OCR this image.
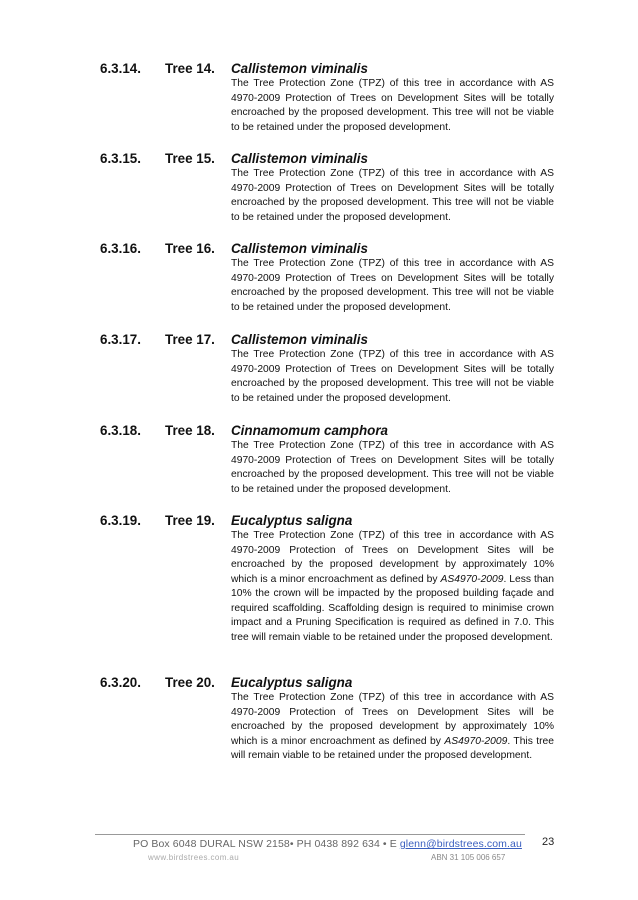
6.3.14. Tree 14. Callistemon viminalis
The Tree Protection Zone (TPZ) of this tree in accordance with AS 4970-2009 Protection of Trees on Development Sites will be totally encroached by the proposed development. This tree will not be viable to be retained under the proposed development.
6.3.15. Tree 15. Callistemon viminalis
The Tree Protection Zone (TPZ) of this tree in accordance with AS 4970-2009 Protection of Trees on Development Sites will be totally encroached by the proposed development. This tree will not be viable to be retained under the proposed development.
6.3.16. Tree 16. Callistemon viminalis
The Tree Protection Zone (TPZ) of this tree in accordance with AS 4970-2009 Protection of Trees on Development Sites will be totally encroached by the proposed development. This tree will not be viable to be retained under the proposed development.
6.3.17. Tree 17. Callistemon viminalis
The Tree Protection Zone (TPZ) of this tree in accordance with AS 4970-2009 Protection of Trees on Development Sites will be totally encroached by the proposed development. This tree will not be viable to be retained under the proposed development.
6.3.18. Tree 18. Cinnamomum camphora
The Tree Protection Zone (TPZ) of this tree in accordance with AS 4970-2009 Protection of Trees on Development Sites will be totally encroached by the proposed development. This tree will not be viable to be retained under the proposed development.
6.3.19. Tree 19. Eucalyptus saligna
The Tree Protection Zone (TPZ) of this tree in accordance with AS 4970-2009 Protection of Trees on Development Sites will be encroached by the proposed development by approximately 10% which is a minor encroachment as defined by AS4970-2009. Less than 10% the crown will be impacted by the proposed building façade and required scaffolding. Scaffolding design is required to minimise crown impact and a Pruning Specification is required as defined in 7.0. This tree will remain viable to be retained under the proposed development.
6.3.20. Tree 20. Eucalyptus saligna
The Tree Protection Zone (TPZ) of this tree in accordance with AS 4970-2009 Protection of Trees on Development Sites will be encroached by the proposed development by approximately 10% which is a minor encroachment as defined by AS4970-2009. This tree will remain viable to be retained under the proposed development.
PO Box 6048 DURAL NSW 2158• PH 0438 892 634 • E glenn@birdstrees.com.au
www.birdstrees.com.au	ABN 31 105 006 657
23
